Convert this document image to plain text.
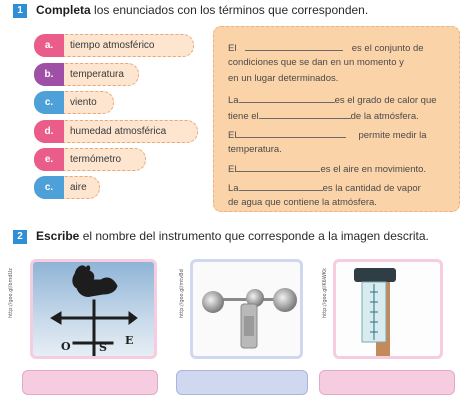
1	Completa los enunciados con los términos que corresponden.
a.	tiempo atmosférico
b.	temperatura
c.	viento
d.	humedad atmosférica
e.	termómetro
c.	aire
El	es el conjunto de
condiciones que se dan en un momento y
en un lugar determinados.
La	es el grado de calor que
tiene el	de la atmósfera.
El	permite medir la
temperatura.
El	es el aire en movimiento.
La	es la cantidad de vapor
de agua que contiene la atmósfera.
2	Escribe el nombre del instrumento que corresponde a la imagen descrita.
http://goo.gl/bmdUz
O	S
E
http://goo.gl/mtvBd	http://goo.gl/K6WKk
